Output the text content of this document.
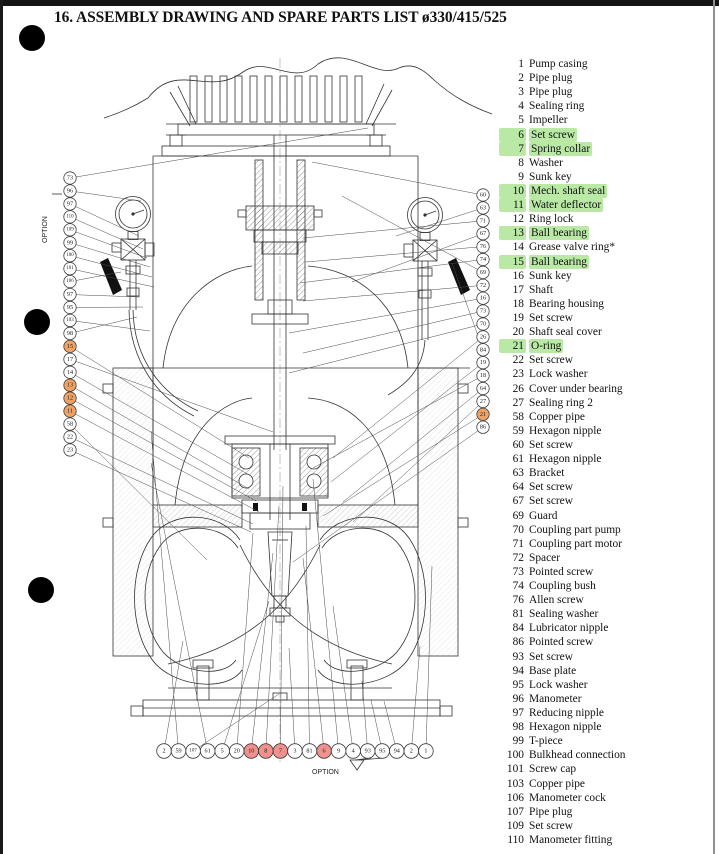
16. ASSEMBLY DRAWING AND SPARE PARTS LIST ø330/415/525
OPTION
OPTION
73
96
97
110
109
99
100
101
106
97
95
103
98
15
17
14
13
12
11
58
22
23
60
63
71
67
76
74
69
72
16
73
70
26
84
19
18
64
27
21
86
2 59 107 61 5 20 10 8 7 3 81 6 9 4 93 95 94 2 1
1 Pump casing
2 Pipe plug
3 Pipe plug
4 Sealing ring
5 Impeller
6 Set screw
7 Spring collar
8 Washer
9 Sunk key
10 Mech. shaft seal
11 Water deflector
12 Ring lock
13 Ball bearing
14 Grease valve ring*
15 Ball bearing
16 Sunk key
17 Shaft
18 Bearing housing
19 Set screw
20 Shaft seal cover
21 O-ring
22 Set screw
23 Lock washer
26 Cover under bearing
27 Sealing ring 2
58 Copper pipe
59 Hexagon nipple
60 Set screw
61 Hexagon nipple
63 Bracket
64 Set screw
67 Set screw
69 Guard
70 Coupling part pump
71 Coupling part motor
72 Spacer
73 Pointed screw
74 Coupling bush
76 Allen screw
81 Sealing washer
84 Lubricator nipple
86 Pointed screw
93 Set screw
94 Base plate
95 Lock washer
96 Manometer
97 Reducing nipple
98 Hexagon nipple
99 T-piece
100 Bulkhead connection
101 Screw cap
103 Copper pipe
106 Manometer cock
107 Pipe plug
109 Set screw
110 Manometer fitting
